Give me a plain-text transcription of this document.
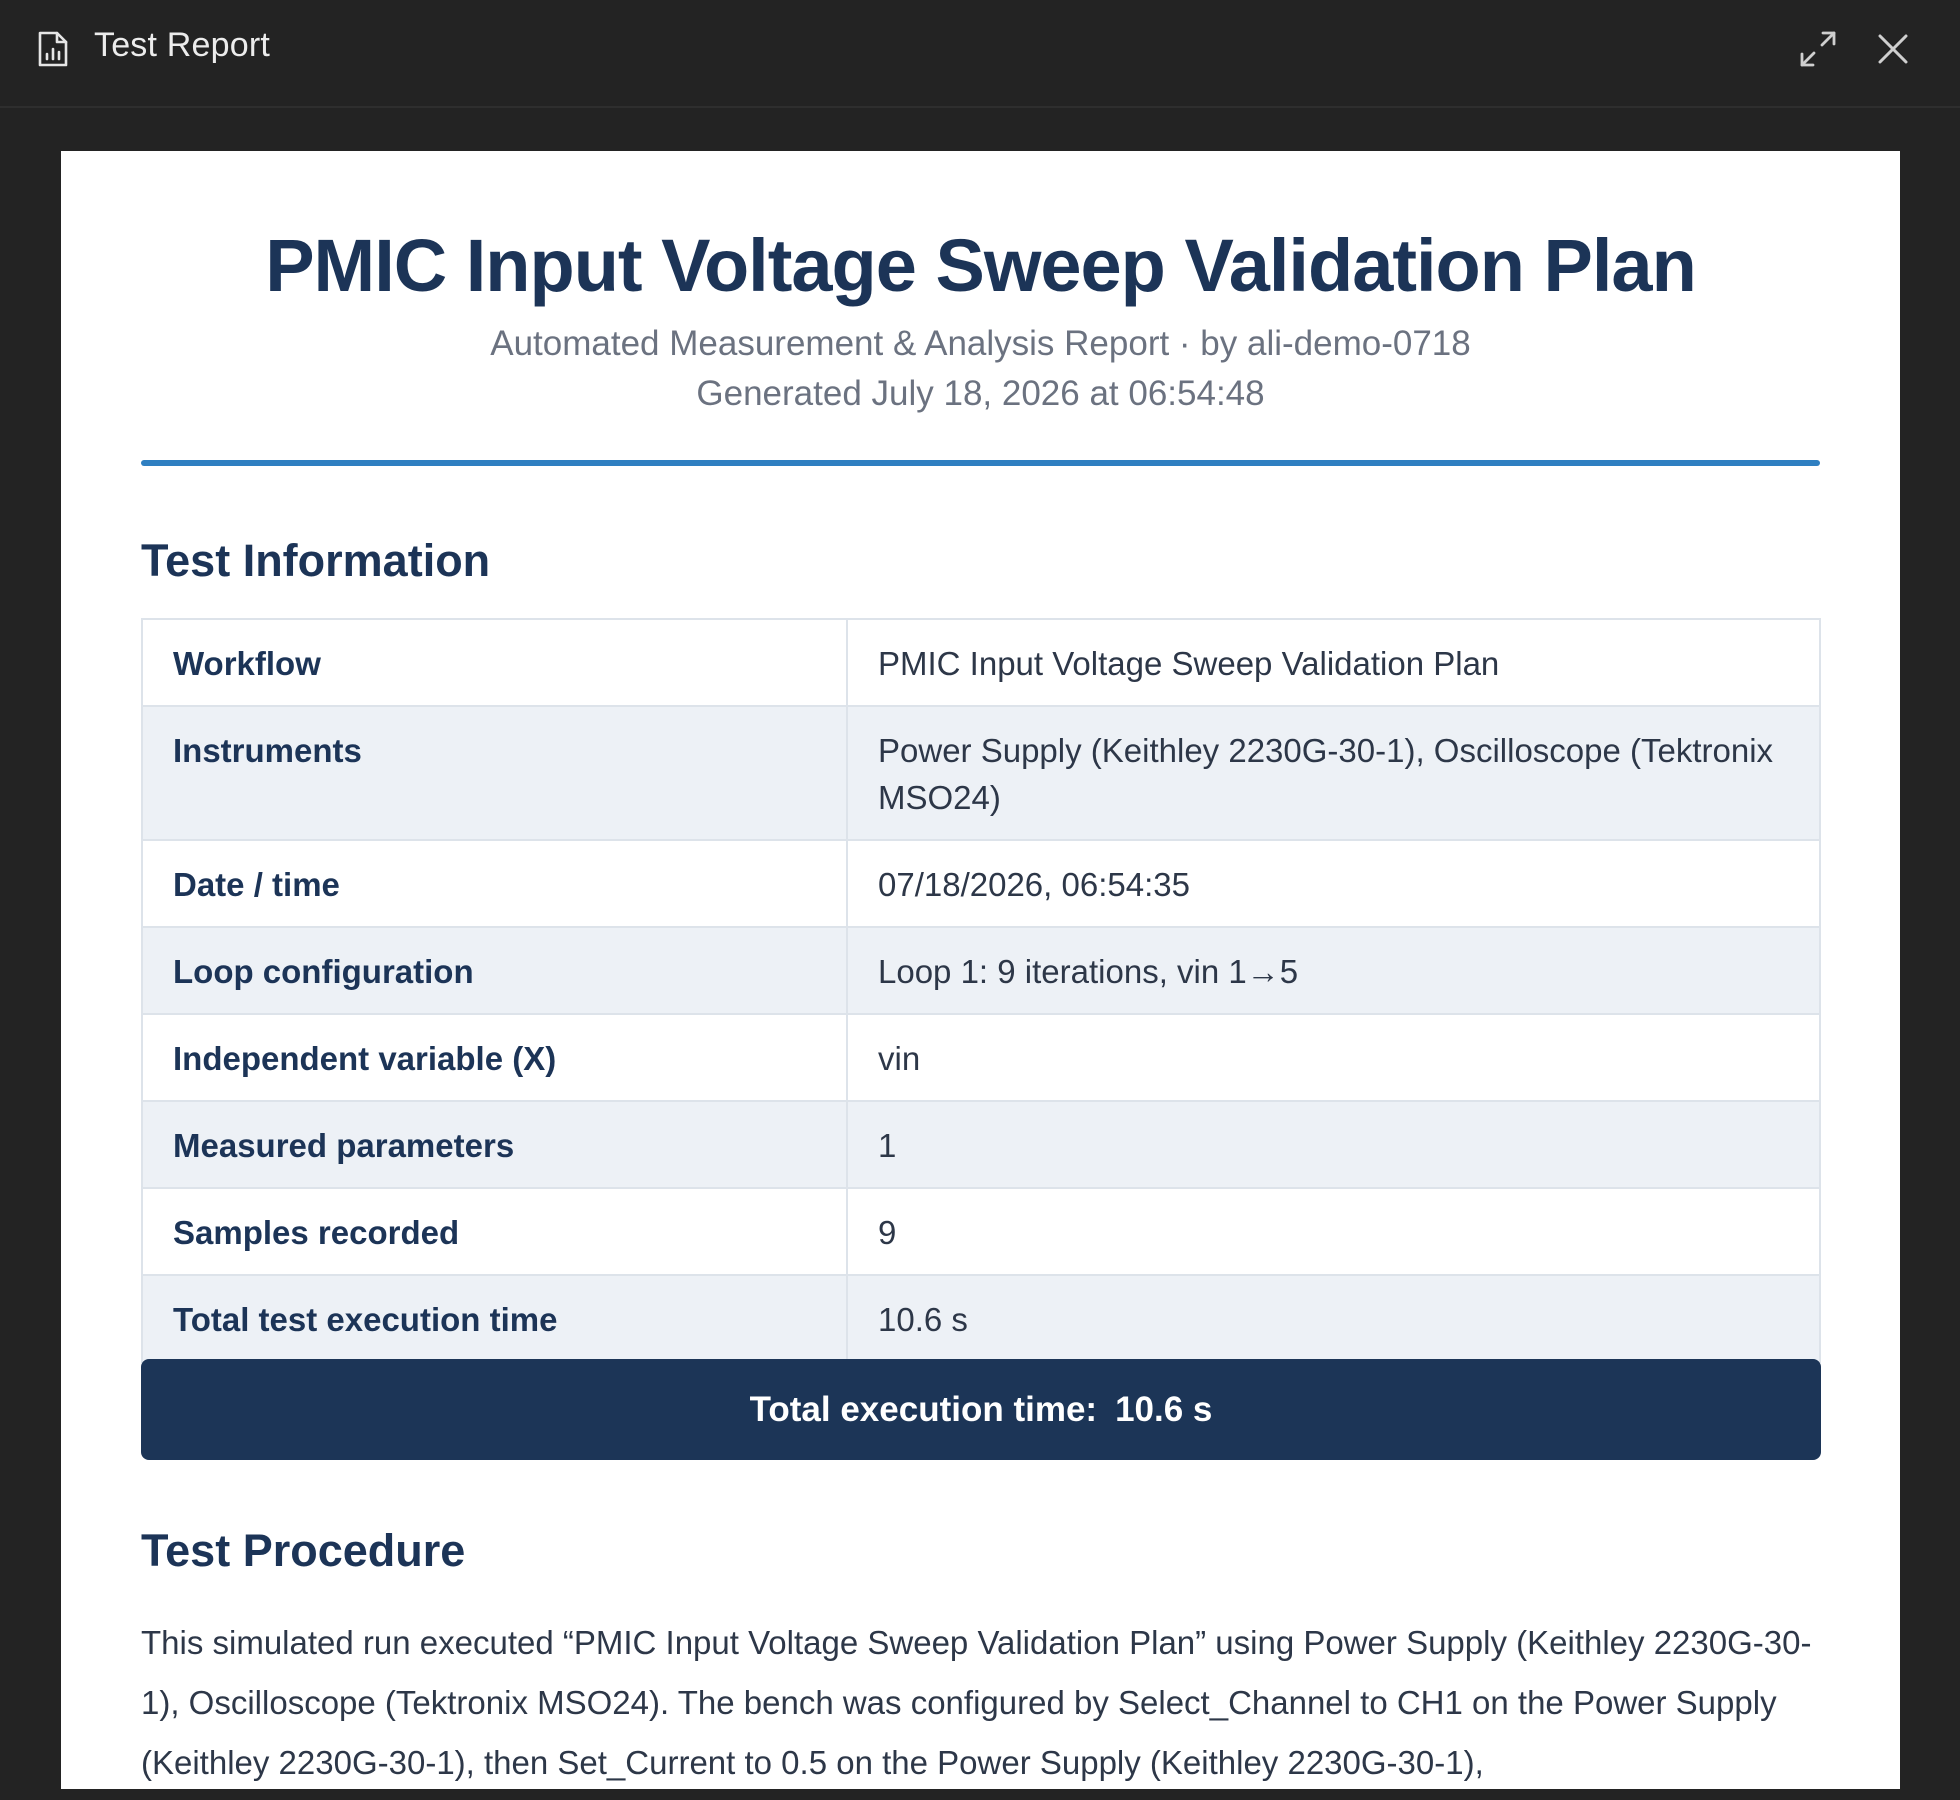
Test Report
PMIC Input Voltage Sweep Validation Plan
Automated Measurement & Analysis Report · by ali-demo-0718
Generated July 18, 2026 at 06:54:48
Test Information
Workflow	PMIC Input Voltage Sweep Validation Plan
Instruments	Power Supply (Keithley 2230G-30-1), Oscilloscope (Tektronix MSO24)
Date / time	07/18/2026, 06:54:35
Loop configuration	Loop 1: 9 iterations, vin 1→5
Independent variable (X)	vin
Measured parameters	1
Samples recorded	9
Total test execution time	10.6 s
Total execution time: 10.6 s
Test Procedure
This simulated run executed “PMIC Input Voltage Sweep Validation Plan” using Power Supply (Keithley 2230G-30-1), Oscilloscope (Tektronix MSO24). The bench was configured by Select_Channel to CH1 on the Power Supply (Keithley 2230G-30-1), then Set_Current to 0.5 on the Power Supply (Keithley 2230G-30-1),
